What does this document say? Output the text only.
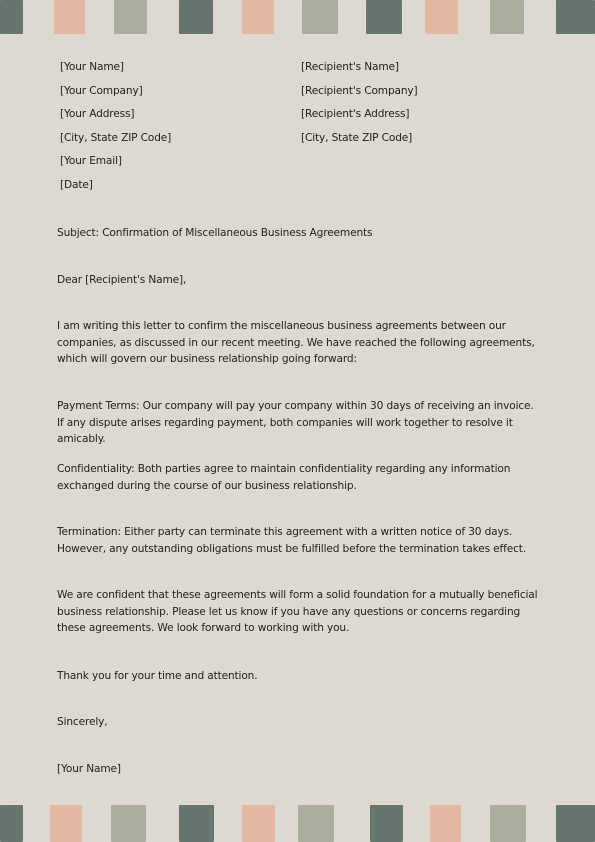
[Your Name]
[Your Company]
[Your Address]
[City, State ZIP Code]
[Your Email]
[Date]
[Recipient's Name]
[Recipient's Company]
[Recipient's Address]
[City, State ZIP Code]

Subject: Confirmation of Miscellaneous Business Agreements

Dear [Recipient's Name],

I am writing this letter to confirm the miscellaneous business agreements between our companies, as discussed in our recent meeting. We have reached the following agreements, which will govern our business relationship going forward:

Payment Terms: Our company will pay your company within 30 days of receiving an invoice. If any dispute arises regarding payment, both companies will work together to resolve it amicably.

Confidentiality: Both parties agree to maintain confidentiality regarding any information exchanged during the course of our business relationship.

Termination: Either party can terminate this agreement with a written notice of 30 days. However, any outstanding obligations must be fulfilled before the termination takes effect.

We are confident that these agreements will form a solid foundation for a mutually beneficial business relationship. Please let us know if you have any questions or concerns regarding these agreements. We look forward to working with you.

Thank you for your time and attention.

Sincerely,

[Your Name]
